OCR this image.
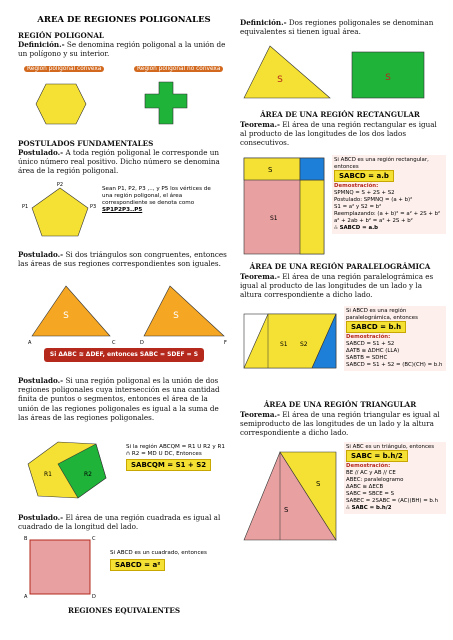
AREA DE REGIONES POLIGONALES
REGIÓN POLIGONAL
Definición.- Se denomina región poligonal a la unión de un polígono y su interior.
Región poligonal convexa	Región poligonal no convexa
POSTULADOS FUNDAMENTALES
Postulado.- A toda región poligonal le corresponde un único número real positivo. Dicho número se denomina área de la región poligonal.
P2
P1	P3
Sean P1, P2, P3 ,.., y P5 los vértices de una región poligonal, el área correspondiente se denota como
SP1P2P3..P5
Postulado.- Si dos triángulos son congruentes, entonces las áreas de sus regiones correspondientes son iguales.
S	S
A	C	D	F
Si ΔABC ≅ ΔDEF, entonces SABC = SDEF = S
Postulado.- Si una región poligonal es la unión de dos regiones poligonales cuya intersección es una cantidad finita de puntos o segmentos, entonces el área de la unión de las regiones poligonales es igual a la suma de las áreas de las regiones poligonales.
R1	R2
Si la región ABCQM = R1 U R2 y R1 ∩ R2 = MD U DC, Entonces
SABCQM = S1 + S2
Postulado.- El área de una región cuadrada es igual al cuadrado de la longitud del lado.
B	C
A	D
Si ABCD es un cuadrado, entonces
SABCD = a²
REGIONES EQUIVALENTES
Definición.- Dos regiones poligonales se denominan equivalentes si tienen igual área.
S	S
ÁREA DE UNA REGIÓN RECTANGULAR
Teorema.- El área de una región rectangular es igual al producto de las longitudes de los dos lados consecutivos.
S
S1
Si ABCD es una región rectangular, entonces
SABCD = a.b
Demostración:
SPMNQ = S + 2S + S2
Postulado: SPMNQ = (a + b)²
S1 = a² y S2 = b²
Reemplazando: (a + b)² = a² + 2S + b²
a² + 2ab + b² = a² + 2S + b²
∴ SABCD = a.b
ÁREA DE UNA REGIÓN PARALELOGRÁMICA
Teorema.- El área de una región paralelográmica es igual al producto de las longitudes de un lado y la altura correspondiente a dicho lado.
S1 S2
Si ABCD es una región paralelográmica, entonces
SABCD = b.h
Demostración:
SABCD = S1 + S2
ΔATB ≅ ΔDHC (LLA)
SABTB = SDHC
SABCD = S1 + S2 = (BC)(CH) = b.h
ÁREA DE UNA REGIÓN TRIANGULAR
Teorema.- El área de una región triangular es igual al semiproducto de las longitudes de un lado y la altura correspondiente a dicho lado.
S
S
Si ABC es un triángulo, entonces
SABC = b.h/2
Demostración:
BE // AC y AB // CE
ABEC: paralelogramo
ΔABC ≅ ΔECB
SABC = SBCE = S
SABEC = 2SABC = (AC)(BH) = b.h
∴ SABC = b.h/2
